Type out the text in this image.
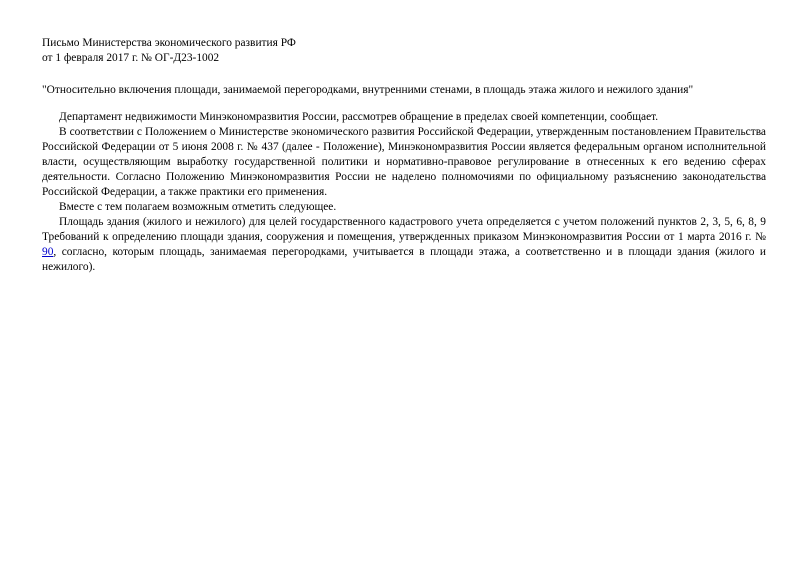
Письмо Министерства экономического развития РФ

от 1 февраля 2017 г. № ОГ-Д23-1002

"Относительно включения площади, занимаемой перегородками, внутренними стенами, в площадь этажа жилого и нежилого здания"

Департамент недвижимости Минэкономразвития России, рассмотрев обращение в пределах своей компетенции, сообщает.

В соответствии с Положением о Министерстве экономического развития Российской Федерации, утвержденным постановлением Правительства Российской Федерации от 5 июня 2008 г. № 437 (далее - Положение), Минэкономразвития России является федеральным органом исполнительной власти, осуществляющим выработку государственной политики и нормативно-правовое регулирование в отнесенных к его ведению сферах деятельности. Согласно Положению Минэкономразвития России не наделено полномочиями по официальному разъяснению законодательства Российской Федерации, а также практики его применения.

Вместе с тем полагаем возможным отметить следующее.

Площадь здания (жилого и нежилого) для целей государственного кадастрового учета определяется с учетом положений пунктов 2, 3, 5, 6, 8, 9 Требований к определению площади здания, сооружения и помещения, утвержденных приказом Минэкономразвития России от 1 марта 2016 г. № 90, согласно, которым площадь, занимаемая перегородками, учитывается в площади этажа, а соответственно и в площади здания (жилого и нежилого).
